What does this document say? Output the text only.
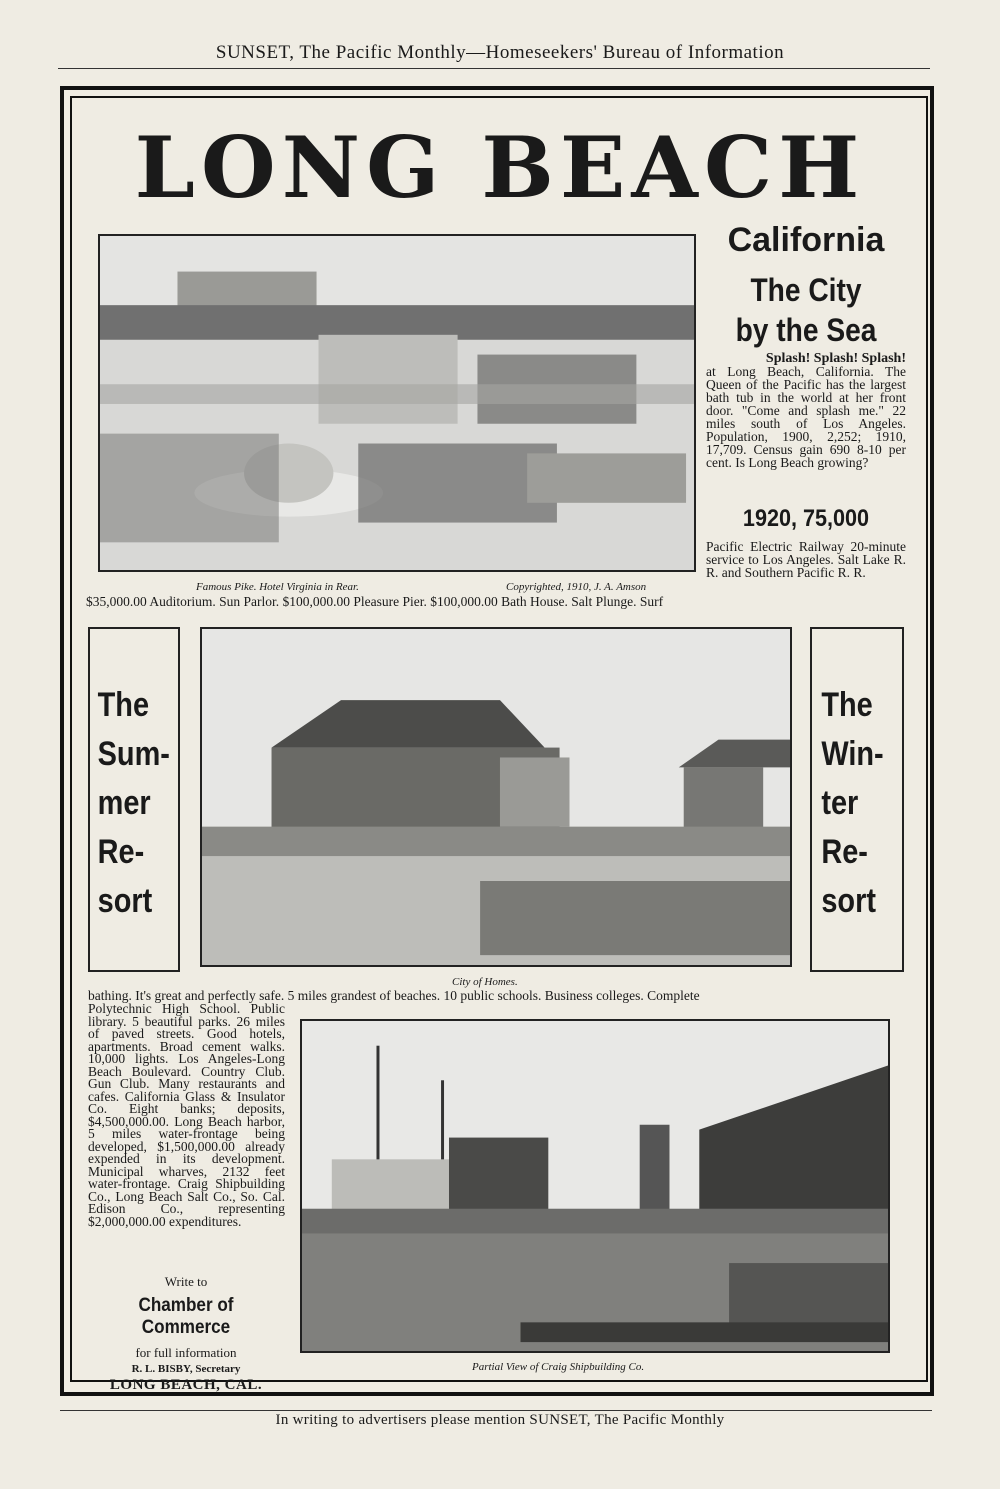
SUNSET, The Pacific Monthly—Homeseekers' Bureau of Information
LONG BEACH
Famous Pike. Hotel Virginia in Rear.	Copyrighted, 1910, J. A. Amson
California
The City
by the Sea
Splash! Splash! Splash!
at Long Beach, California. The Queen of the Pacific has the largest bath tub in the world at her front door. "Come and splash me." 22 miles south of Los Angeles. Population, 1900, 2,252; 1910, 17,709. Census gain 690 8-10 per cent. Is Long Beach growing?
1920, 75,000
Pacific Electric Railway 20-minute service to Los Angeles. Salt Lake R. R. and Southern Pacific R. R.
$35,000.00 Auditorium. Sun Parlor. $100,000.00 Pleasure Pier. $100,000.00 Bath House. Salt Plunge. Surf
The
Sum-
mer
Re-
sort
The
Win-
ter
Re-
sort
City of Homes.
bathing. It's great and perfectly safe. 5 miles grandest of beaches. 10 public schools. Business colleges. Complete
Polytechnic High School. Public library. 5 beautiful parks. 26 miles of paved streets. Good hotels, apartments. Broad cement walks. 10,000 lights. Los Angeles-Long Beach Boulevard. Country Club. Gun Club. Many restaurants and cafes. California Glass & Insulator Co. Eight banks; deposits, $4,500,000.00. Long Beach harbor, 5 miles water-frontage being developed, $1,500,000.00 already expended in its development. Municipal wharves, 2132 feet water-frontage. Craig Shipbuilding Co., Long Beach Salt Co., So. Cal. Edison Co., representing $2,000,000.00 expenditures.
Write to
Chamber of Commerce
for full information
R. L. BISBY, Secretary
LONG BEACH, CAL.
Partial View of Craig Shipbuilding Co.
In writing to advertisers please mention SUNSET, The Pacific Monthly
